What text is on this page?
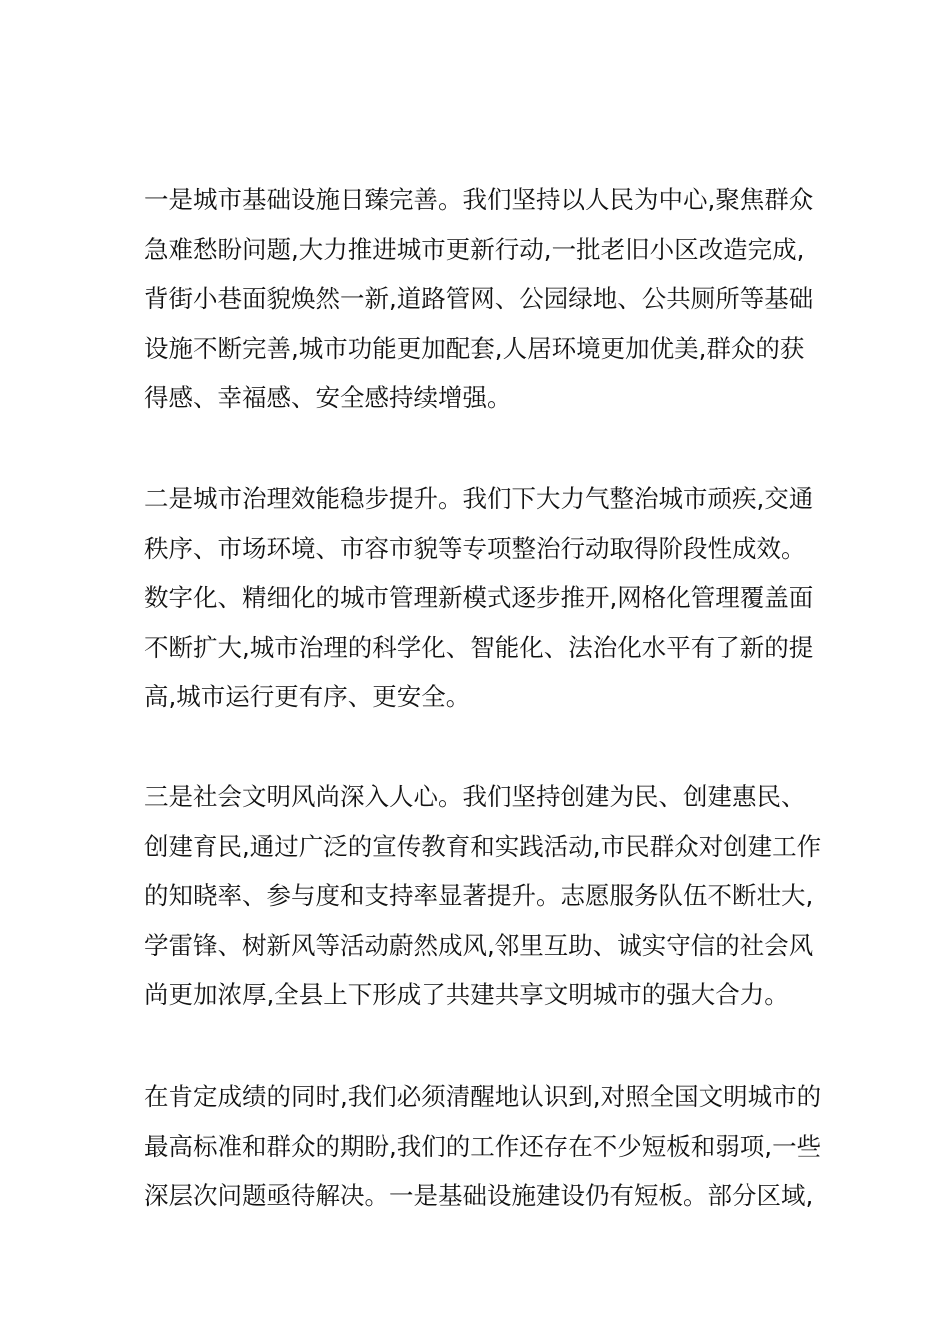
一是城市基础设施日臻完善。我们坚持以人民为中心,聚焦群众
急难愁盼问题,大力推进城市更新行动,一批老旧小区改造完成,
背街小巷面貌焕然一新,道路管网、公园绿地、公共厕所等基础
设施不断完善,城市功能更加配套,人居环境更加优美,群众的获
得感、幸福感、安全感持续增强。

二是城市治理效能稳步提升。我们下大力气整治城市顽疾,交通
秩序、市场环境、市容市貌等专项整治行动取得阶段性成效。
数字化、精细化的城市管理新模式逐步推开,网格化管理覆盖面
不断扩大,城市治理的科学化、智能化、法治化水平有了新的提
高,城市运行更有序、更安全。

三是社会文明风尚深入人心。我们坚持创建为民、创建惠民、
创建育民,通过广泛的宣传教育和实践活动,市民群众对创建工作
的知晓率、参与度和支持率显著提升。志愿服务队伍不断壮大,
学雷锋、树新风等活动蔚然成风,邻里互助、诚实守信的社会风
尚更加浓厚,全县上下形成了共建共享文明城市的强大合力。

在肯定成绩的同时,我们必须清醒地认识到,对照全国文明城市的
最高标准和群众的期盼,我们的工作还存在不少短板和弱项,一些
深层次问题亟待解决。一是基础设施建设仍有短板。部分区域,
